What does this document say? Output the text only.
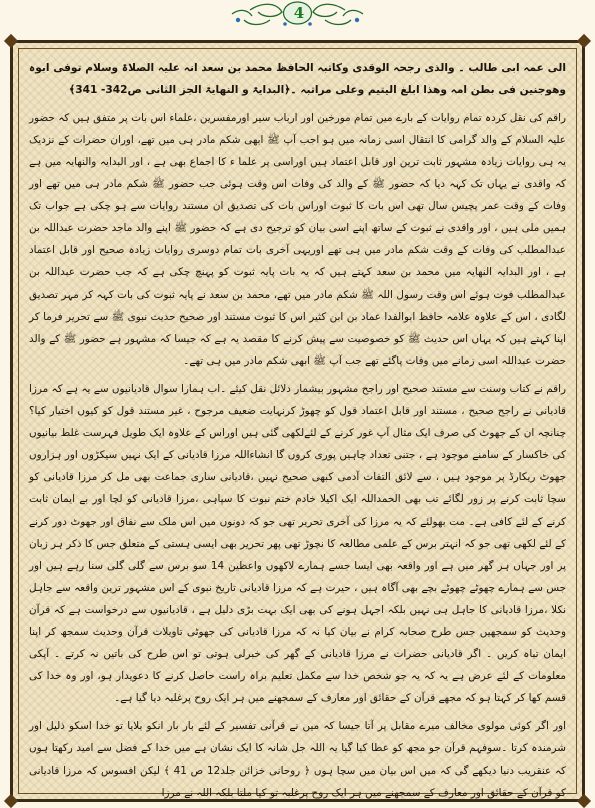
4

الی عمہ ابی طالب ۔ والذی رجحہ الوقدی وکاتبہ الحافظ محمد بن سعد انہ علیہ الصلاۃ وسلام توفی ابوہ وھوجنین فی بطن امہ وھذا ابلغ الیتیم وعلی مراتبہ ۔﴿البدایۃ و النھایۃ الجز الثانی ص342- 341﴾

راقم کی نقل کردہ تمام روایات کے بارے میں تمام مورخین اور ارباب سیر اورمفسرین ،علماء اس بات پر متفق ہیں کہ حضور علیہ السلام کے والد گرامی کا انتقال اسی زمانہ میں ہو اجب آپ ﷺ ابھی شکم مادر ہی میں تھے، اوران حضرات کے نزدیک یہ ہی روایات زیادہ مشہور ثابت ترین اور قابل اعتماد ہیں اوراسی پر علما ء کا اجماع بھی ہے ، اور البدایہ والنھایہ میں ہے کہ واقدی نے یہاں تک کہہ دیا کہ حضور ﷺ کے والد کی وفات اس وقت ہوئی جب حضور ﷺ شکم مادر ہی میں تھے اور وفات کے وقت عمر پچیس سال تھی اس بات کا ثبوت اوراس بات کی تصدیق ان مستند روایات سے ہو چکی ہے جواب تک ہمیں ملی ہیں ، اور واقدی نے ثبوت کے ساتھ اپنے اسی بیان کو ترجیح دی ہے کہ حضور ﷺ اپنے والد ماجد حضرت عبداللہ بن عبدالمطلب کی وفات کے وقت شکم مادر میں ہی تھے اوریہی آخری بات تمام دوسری روایات زیادہ صحیح اور قابل اعتماد ہے ، اور البدایہ النھایہ میں محمد بن سعد کہتے ہیں کہ یہ بات پایہ ثبوت کو پہنچ چکی ہے کہ جب حضرت عبداللہ بن عبدالمطلب فوت ہوئے اس وقت رسول اللہ ﷺ شکم مادر میں تھے، محمد بن سعد نے پایہ ثبوت کی بات کہہ کر مہر تصدیق لگادی ، اس کے علاوہ علامہ حافظ ابوالفدا عماد بن ابن کثیر اس کا ثبوت مستند اور صحیح حدیث نبوی ﷺ سے تحریر فرما کر اپنا کہتے ہیں کہ یہاں اس حدیث ﷺ کو خصوصیت سے پیش کرنے کا مقصد یہ ہے کہ جیسا کہ مشہور ہے حضور ﷺ کے والد حضرت عبداللہ اسی زمانے میں وفات پاگئے تھے جب آپ ﷺ ابھی شکم مادر میں ہی تھے۔

راقم نے کتاب وسنت سے مستند صحیح اور راجح مشہور بیشمار دلائل نقل کیئے ۔اب ہمارا سوال قادیانیوں سے یہ ہے کہ مرزا قادیانی نے راجح صحیح ، مستند اور قابل اعتماد قول کو چھوڑ کرنہایت ضعیف مرجوح ، غیر مستند قول کو کیوں اختیار کیا؟ چنانچہ ان کے جھوٹ کی صرف ایک مثال آپ غور کرنے کے لئےلکھی گئی ہیں اوراس کے علاوہ ایک طویل فہرست غلط بیانیوں کی خاکسار کے سامنے موجود ہے ، جتنی تعداد چاہیں پوری کروں گا انشاءاللہ مرزا قادیانی کے ایک نہیں سیکڑوں اور ہزاروں جھوٹ ریکارڈ پر موجود ہیں ، سے لائق التفات آدمی کبھی صحیح نہیں ،قادیانی ساری جماعت بھی مل کر مرزا قادیانی کو سچا ثابت کرنے پر زور لگائے تب بھی الحمداللہ ایک اکیلا خادم ختم نبوت کا سپاہی ،مرزا قادیانی کو لچا اور بے ایمان ثابت کرنے کے لئے کافی ہے۔ مت بھولئے کہ یہ مرزا کی آخری تحریر تھی جو کہ دونوں میں اس ملک سے نفاق اور جھوٹ دور کرنے کے لئے لکھی تھی جو کہ انہتر برس کے علمی مطالعہ کا نچوڑ تھی پھر تحریر بھی ایسی ہستی کے متعلق جس کا ذکر ہر زبان پر اور جہاں ہر گھر میں ہے اور واقعہ بھی ایسا جسے ہمارے لاکھوں واعظین 14 سو برس سے گلی گلی سنا رہے ہیں اور جس سے ہمارے چھوٹے چھوٹے بچے بھی آگاہ ہیں ، حیرت ہے کہ مرزا قادیانی تاریخ نبوی کے اس مشہور ترین واقعہ سے جاہل نکلا ،مرزا قادیانی کا جاہل ہی نہیں بلکہ اجہل ہونے کی بھی ایک بہت بڑی دلیل ہے ، قادیانیوں سے درخواست ہے کہ قرآن وحدیث کو سمجھیں جس طرح صحابہ کرام نے بیان کیا نہ کہ مرزا قادیانی کی جھوٹی تاویلات قرآن وحدیث سمجھ کر اپنا ایمان تباہ کریں ۔ اگر قادیانی حضرات نے مرزا قادیانی کے گھر کی خبرلی ہوتی تو اس طرح کی باتیں نہ کرتے ۔ آپکی معلومات کے لئے عرض ہے یہ کہ یہ جو شخص خدا سے مکمل تعلیم براہ راست حاصل کرنے کا دعویدار ہو، اور وہ خدا کی قسم کھا کر کہتا ہو کہ مجھے قرآن کے حقائق اور معارف کے سمجھنے میں ہر ایک روح پرغلبہ دیا گیا ہے۔

اور اگر کوئی مولوی مخالف میرے مقابل پر آتا جیسا کہ میں نے قرآنی تفسیر کے لئے بار بار انکو بلایا تو خدا اسکو ذلیل اور شرمندہ کرتا ۔سوفہم قرآن جو مجھ کو عطا کیا گیا یہ اللہ جل شانہ کا ایک نشان ہے میں خدا کے فضل سے امید رکھتا ہوں کہ عنقریب دنیا دیکھے گی کہ میں اس بیان میں سچا ہوں ﴿ روحانی خزائن جلد12 ص 41 ﴾ لیکن افسوس کہ مرزا قادیانی کو قرآن کے حقائق اور معارف کے سمجھنے میں ہر ایک روح پرغلبہ تو کیا ملتا بلکہ اللہ نے مرزا
